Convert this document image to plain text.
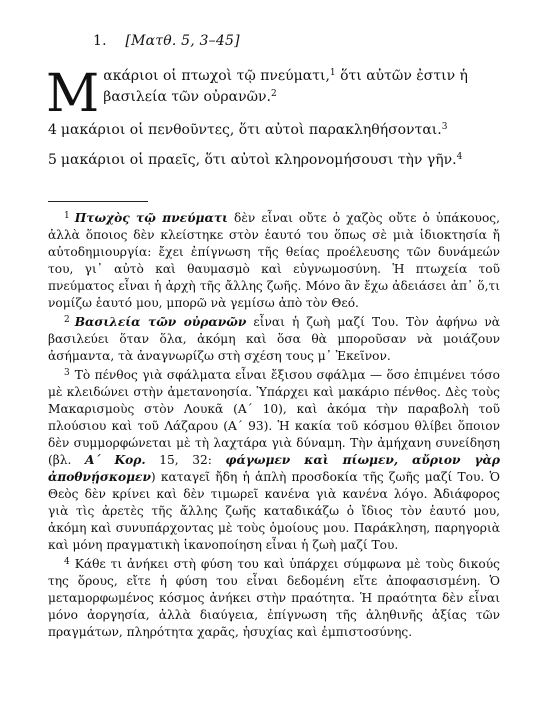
1. [Ματθ. 5, 3–45]
Μακάριοι οἱ πτωχοὶ τῷ πνεύματι,$^1$ ὅτι αὐτῶν ἐστιν ἡ βασιλεία τῶν οὐρανῶν.$^2$
4 μακάριοι οἱ πενθοῦντες, ὅτι αὐτοὶ παρακληθήσονται.$^3$
5 μακάριοι οἱ πραεῖς, ὅτι αὐτοὶ κληρονομήσουσι τὴν γῆν.$^4$

$^1$ Πτωχὸς τῷ πνεύματι δὲν εἶναι οὔτε ὁ χαζὸς οὔτε ὁ ὑπάκουος, ἀλλὰ ὅποιος δὲν κλείστηκε στὸν ἑαυτό του ὅπως σὲ μιὰ ἰδιοκτησία ἤ αὐτοδημιουργία: ἔχει ἐπίγνωση τῆς θείας προέλευσης τῶν δυνάμεών του, γι᾿ αὐτὸ καὶ θαυμασμὸ καὶ εὐγνωμοσύνη. Ἡ πτωχεία τοῦ πνεύματος εἶναι ἡ ἀρχὴ τῆς ἄλλης ζωῆς. Μόνο ἂν ἔχω ἀδειάσει ἀπ᾿ ὅ,τι νομίζω ἑαυτό μου, μπορῶ νὰ γεμίσω ἀπὸ τὸν Θεό.

$^2$ Βασιλεία τῶν οὐρανῶν εἶναι ἡ ζωὴ μαζί Του. Τὸν ἀφήνω νὰ βασιλεύει ὅταν ὅλα, ἀκόμη καὶ ὅσα θὰ μποροῦσαν νὰ μοιάζουν ἀσήμαντα, τὰ ἀναγνωρίζω στὴ σχέση τους μ᾿ Ἐκεῖνον.

$^3$ Τὸ πένθος γιὰ σφάλματα εἶναι ἔξισου σφάλμα — ὅσο ἐπιμένει τόσο μὲ κλειδώνει στὴν ἀμετανοησία. Ὑπάρχει καὶ μακάριο πένθος. Δὲς τοὺς Μακαρισμοὺς στὸν Λουκᾶ (Α΄ 10), καὶ ἀκόμα τὴν παραβολὴ τοῦ πλούσιου καὶ τοῦ Λάζαρου (Α΄ 93). Ἡ κακία τοῦ κόσμου θλίβει ὅποιον δὲν συμμορφώνεται μὲ τὴ λαχτάρα γιὰ δύναμη. Τὴν ἀμήχανη συνείδηση (βλ. Α΄ Κορ. 15, 32: φάγωμεν καὶ πίωμεν, αὔριον γὰρ ἀποθνῄσκομεν) καταγεῖ ἤδη ἡ ἁπλὴ προσδοκία τῆς ζωῆς μαζί Του. Ὁ Θεὸς δὲν κρίνει καὶ δὲν τιμωρεῖ κανένα γιὰ κανένα λόγο. Ἀδιάφορος γιὰ τὶς ἀρετὲς τῆς ἄλλης ζωῆς καταδικάζω ὁ ἴδιος τὸν ἑαυτό μου, ἀκόμη καὶ συνυπάρχοντας μὲ τοὺς ὁμοίους μου. Παράκληση, παρηγοριὰ καὶ μόνη πραγματικὴ ἱκανοποίηση εἶναι ἡ ζωὴ μαζί Του.

$^4$ Κάθε τι ἀνήκει στὴ φύση του καὶ ὑπάρχει σύμφωνα μὲ τοὺς δικούς της ὅρους, εἴτε ἡ φύση του εἶναι δεδομένη εἴτε ἀποφασισμένη. Ὁ μεταμορφωμένος κόσμος ἀνήκει στὴν πραότητα. Ἡ πραότητα δὲν εἶναι μόνο ἀοργησία, ἀλλὰ διαύγεια, ἐπίγνωση τῆς ἀληθινῆς ἀξίας τῶν πραγμάτων, πληρότητα χαρᾶς, ἡσυχίας καὶ ἐμπιστοσύνης.
